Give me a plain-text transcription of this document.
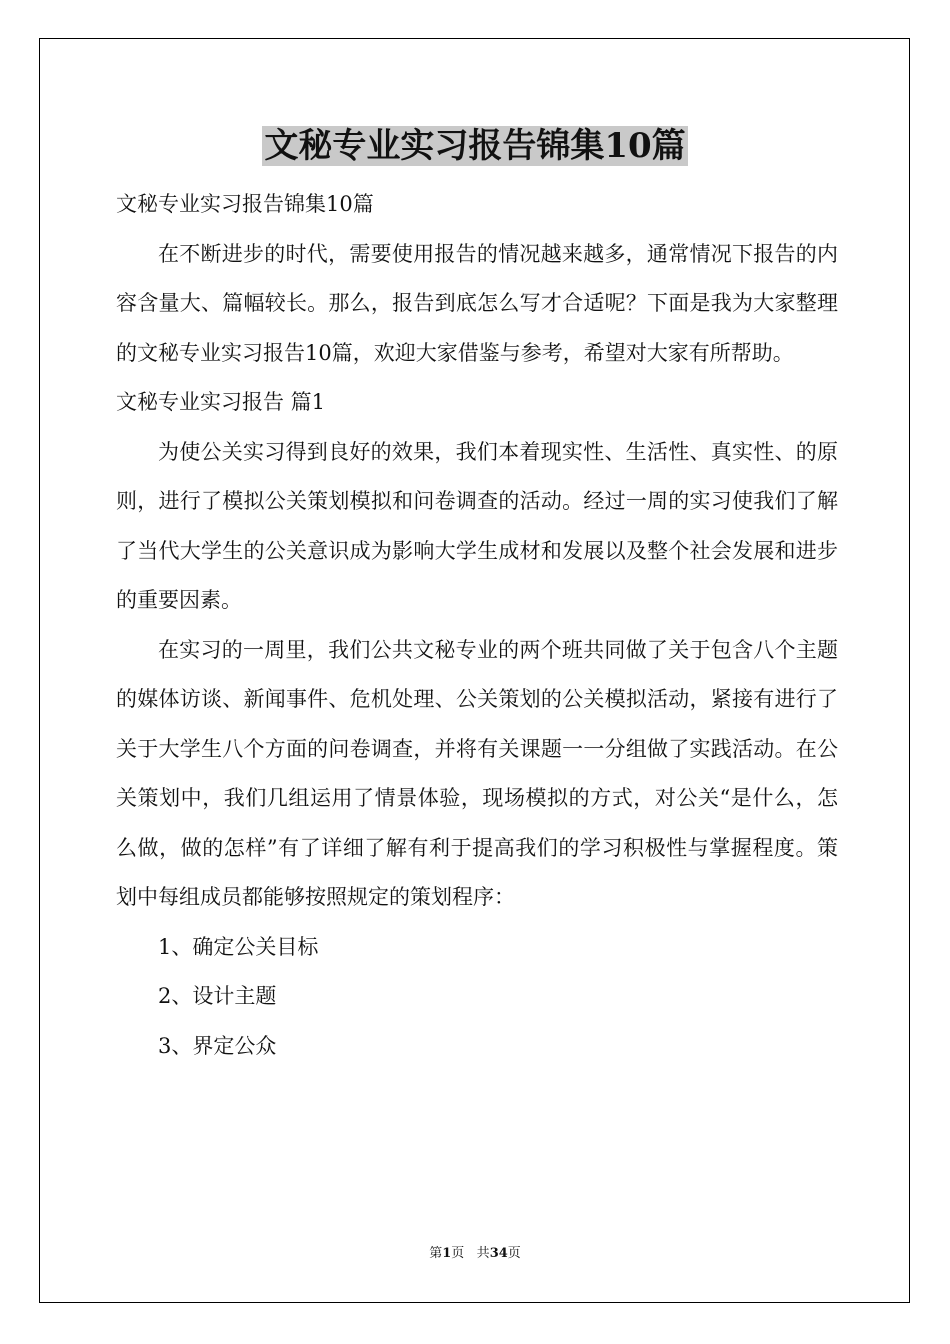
文秘专业实习报告锦集10篇

文秘专业实习报告锦集10篇

在不断进步的时代，需要使用报告的情况越来越多，通常情况下报告的内容含量大、篇幅较长。那么，报告到底怎么写才合适呢？下面是我为大家整理的文秘专业实习报告10篇，欢迎大家借鉴与参考，希望对大家有所帮助。

文秘专业实习报告 篇1

为使公关实习得到良好的效果，我们本着现实性、生活性、真实性、的原则，进行了模拟公关策划模拟和问卷调查的活动。经过一周的实习使我们了解了当代大学生的公关意识成为影响大学生成材和发展以及整个社会发展和进步的重要因素。

在实习的一周里，我们公共文秘专业的两个班共同做了关于包含八个主题的媒体访谈、新闻事件、危机处理、公关策划的公关模拟活动，紧接有进行了关于大学生八个方面的问卷调查，并将有关课题一一分组做了实践活动。在公关策划中，我们几组运用了情景体验，现场模拟的方式，对公关“是什么，怎么做，做的怎样”有了详细了解有利于提高我们的学习积极性与掌握程度。策划中每组成员都能够按照规定的策划程序：

1、确定公关目标

2、设计主题

3、界定公众

第1页 共34页
